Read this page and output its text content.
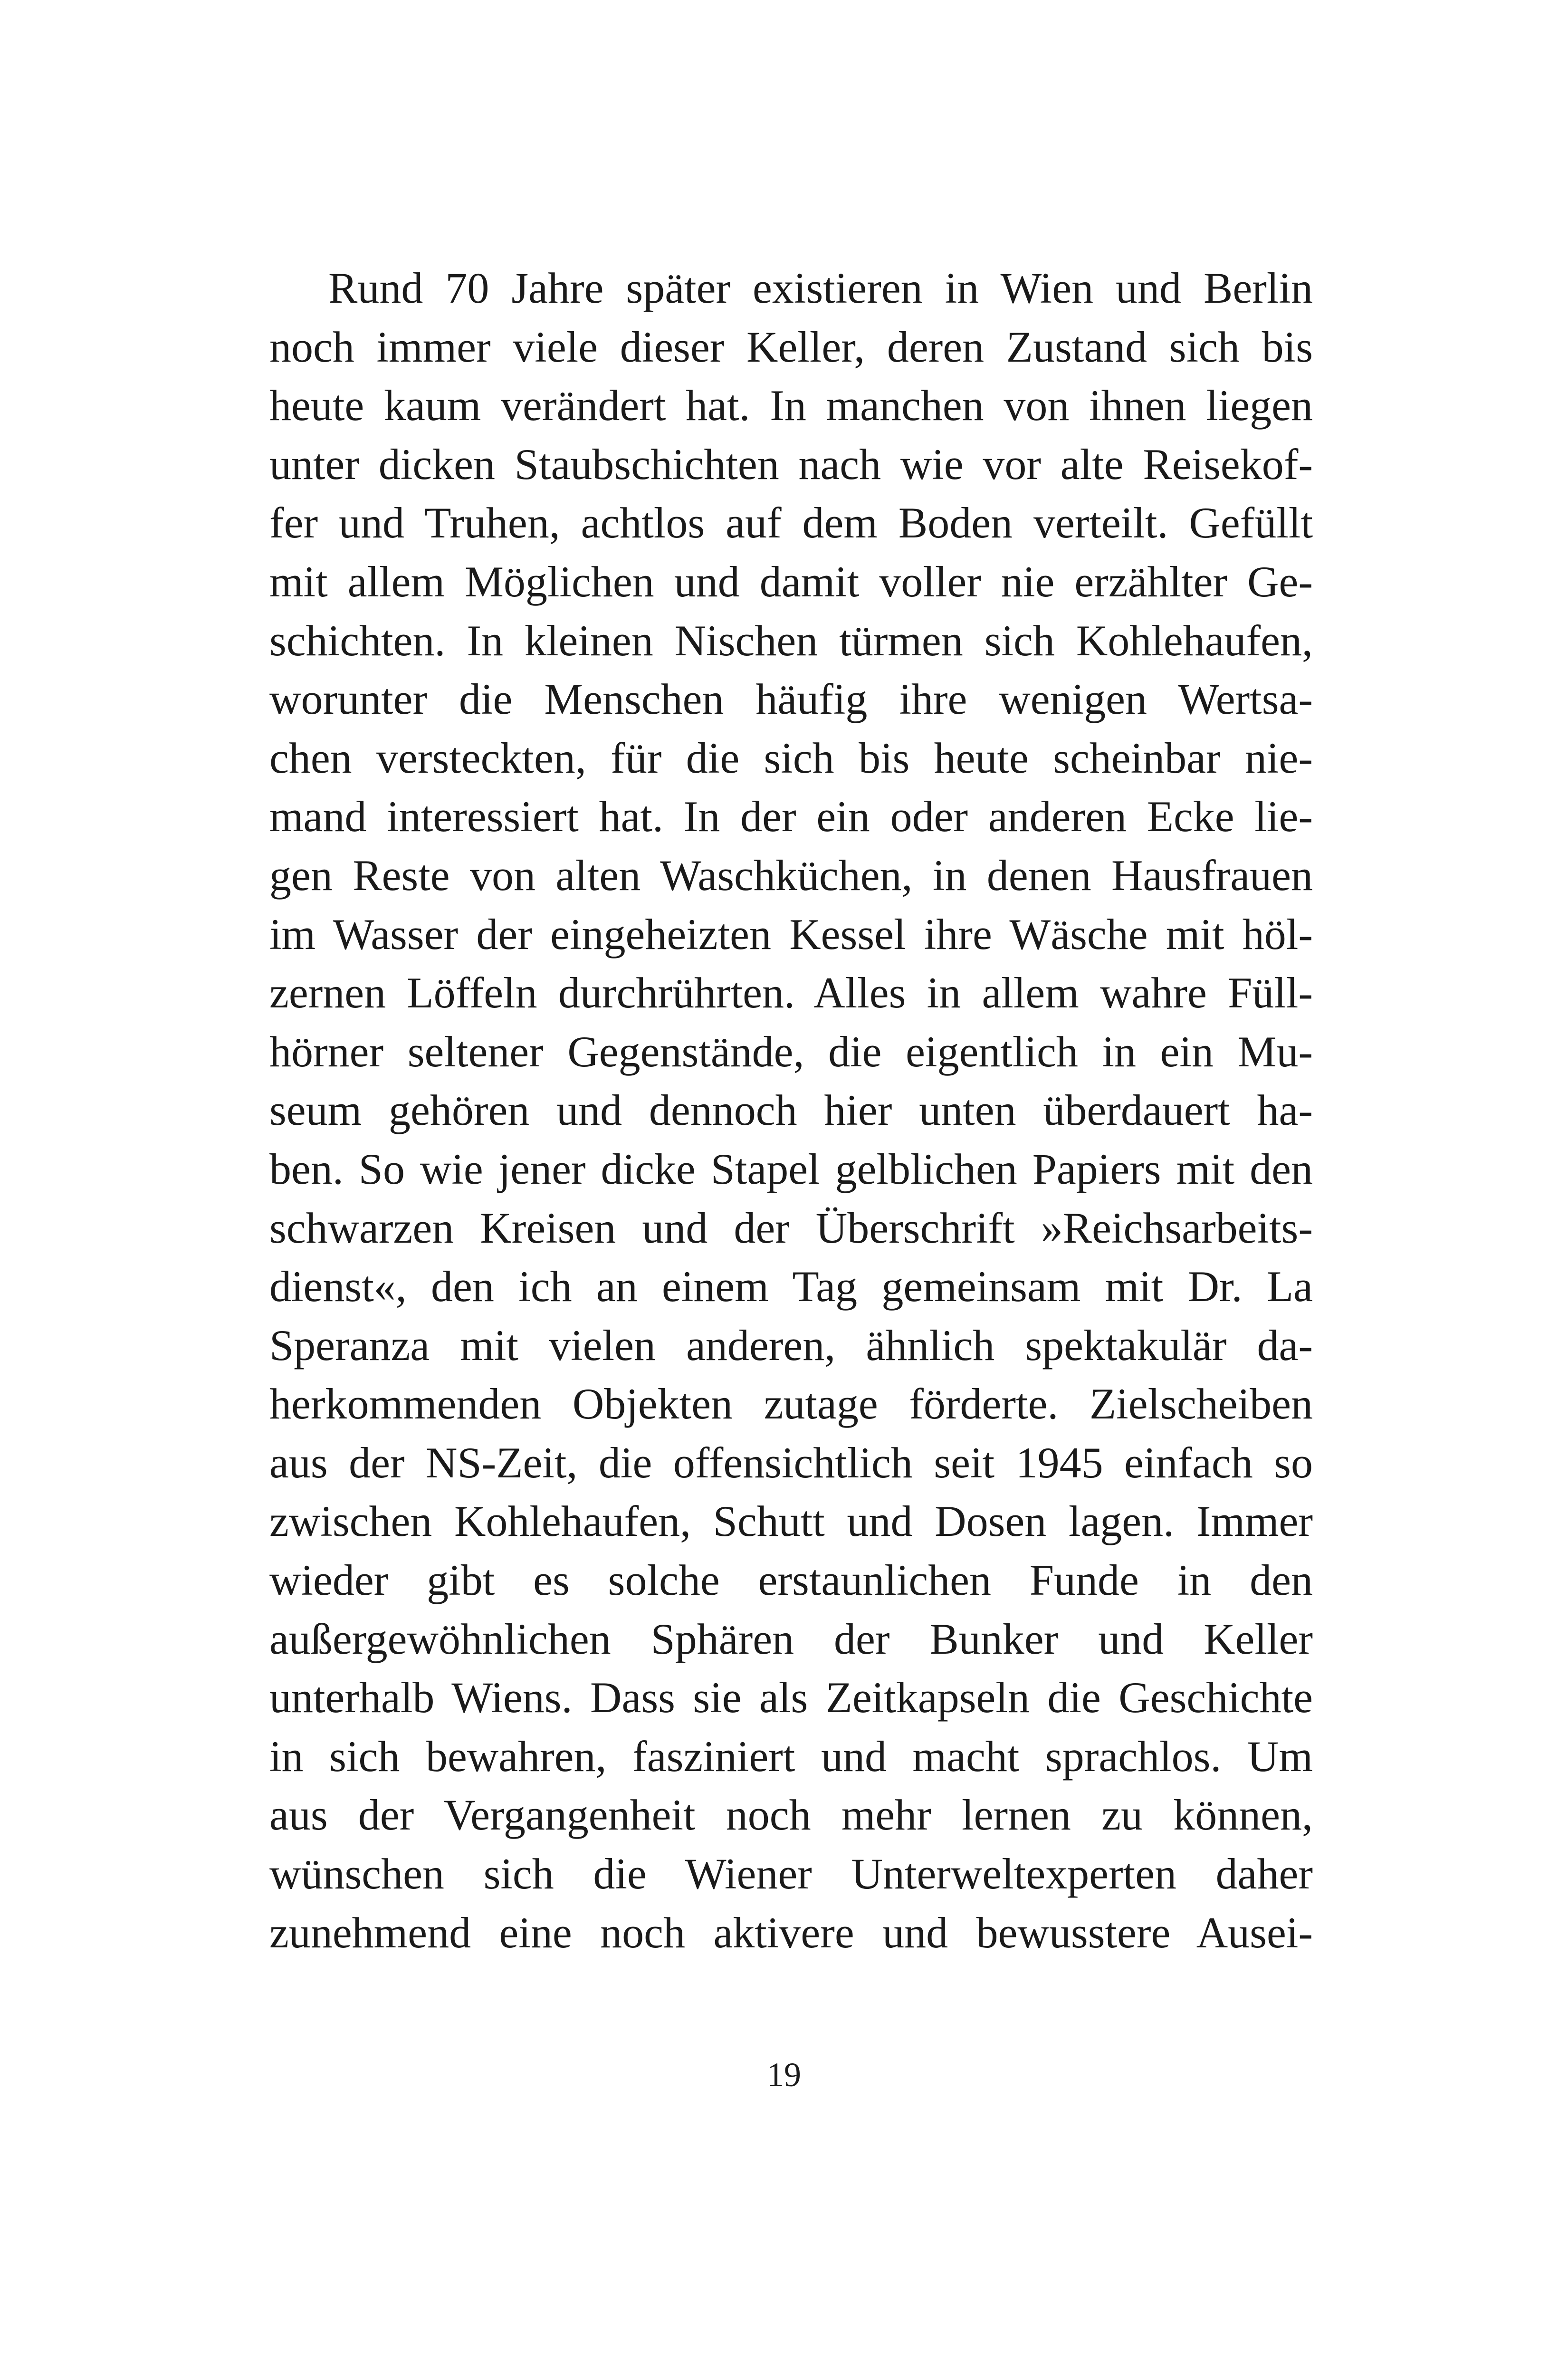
Rund 70 Jahre später existieren in Wien und Berlin
noch immer viele dieser Keller, deren Zustand sich bis
heute kaum verändert hat. In manchen von ihnen liegen
unter dicken Staubschichten nach wie vor alte Reisekof-
fer und Truhen, achtlos auf dem Boden verteilt. Gefüllt
mit allem Möglichen und damit voller nie erzählter Ge-
schichten. In kleinen Nischen türmen sich Kohlehaufen,
worunter die Menschen häufig ihre wenigen Wertsa-
chen versteckten, für die sich bis heute scheinbar nie-
mand interessiert hat. In der ein oder anderen Ecke lie-
gen Reste von alten Waschküchen, in denen Hausfrauen
im Wasser der eingeheizten Kessel ihre Wäsche mit höl-
zernen Löffeln durchrührten. Alles in allem wahre Füll-
hörner seltener Gegenstände, die eigentlich in ein Mu-
seum gehören und dennoch hier unten überdauert ha-
ben. So wie jener dicke Stapel gelblichen Papiers mit den
schwarzen Kreisen und der Überschrift »Reichsarbeits-
dienst«, den ich an einem Tag gemeinsam mit Dr. La
Speranza mit vielen anderen, ähnlich spektakulär da-
herkommenden Objekten zutage förderte. Zielscheiben
aus der NS-Zeit, die offensichtlich seit 1945 einfach so
zwischen Kohlehaufen, Schutt und Dosen lagen. Immer
wieder gibt es solche erstaunlichen Funde in den
außergewöhnlichen Sphären der Bunker und Keller
unterhalb Wiens. Dass sie als Zeitkapseln die Geschichte
in sich bewahren, fasziniert und macht sprachlos. Um
aus der Vergangenheit noch mehr lernen zu können,
wünschen sich die Wiener Unterweltexperten daher
zunehmend eine noch aktivere und bewusstere Ausei-
19
